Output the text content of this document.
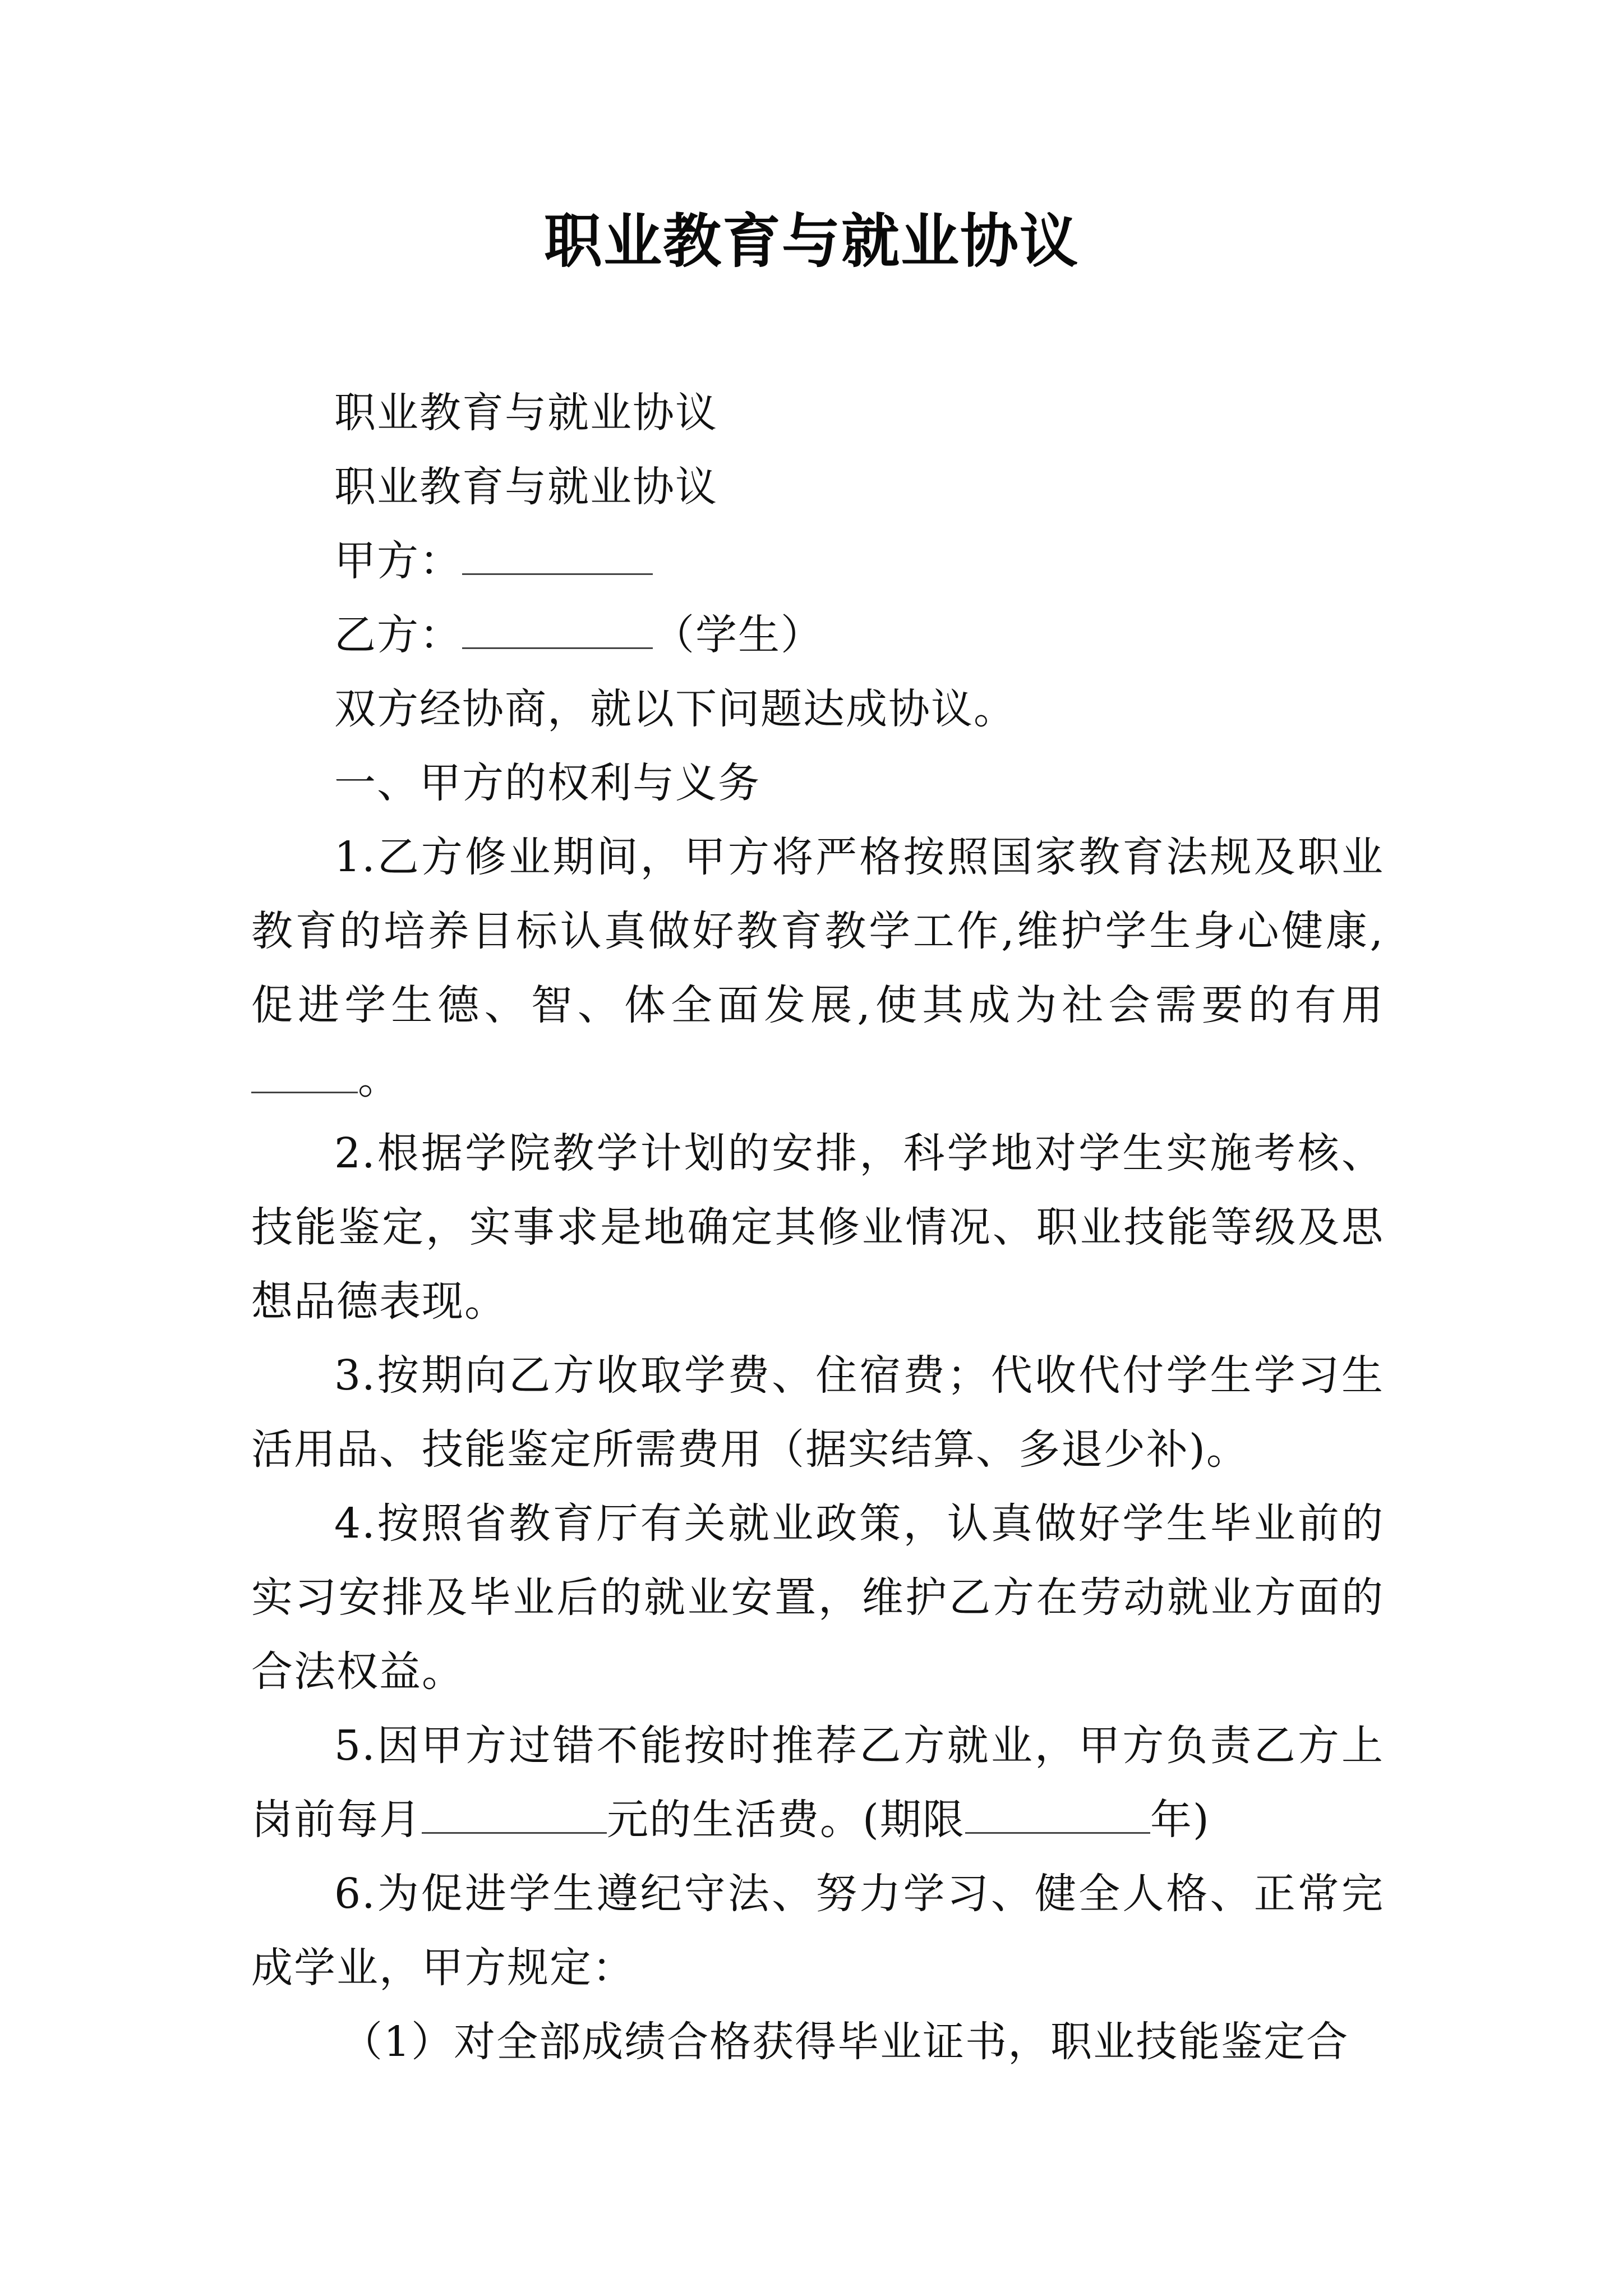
职业教育与就业协议

职业教育与就业协议

职业教育与就业协议

甲方：

乙方：	（学生）

双方经协商，就以下问题达成协议。

一、甲方的权利与义务

1.乙方修业期间，甲方将严格按照国家教育法规及职业教育的培养目标认真做好教育教学工作,维护学生身心健康,促进学生德、智、体全面发展,使其成为社会需要的有用。

2.根据学院教学计划的安排，科学地对学生实施考核、技能鉴定，实事求是地确定其修业情况、职业技能等级及思想品德表现。

3.按期向乙方收取学费、住宿费；代收代付学生学习生活用品、技能鉴定所需费用（据实结算、多退少补)。

4.按照省教育厅有关就业政策，认真做好学生毕业前的实习安排及毕业后的就业安置，维护乙方在劳动就业方面的合法权益。

5.因甲方过错不能按时推荐乙方就业，甲方负责乙方上岗前每月	元的生活费。(期限	年)

6.为促进学生遵纪守法、努力学习、健全人格、正常完成学业，甲方规定：

（1）对全部成绩合格获得毕业证书，职业技能鉴定合
